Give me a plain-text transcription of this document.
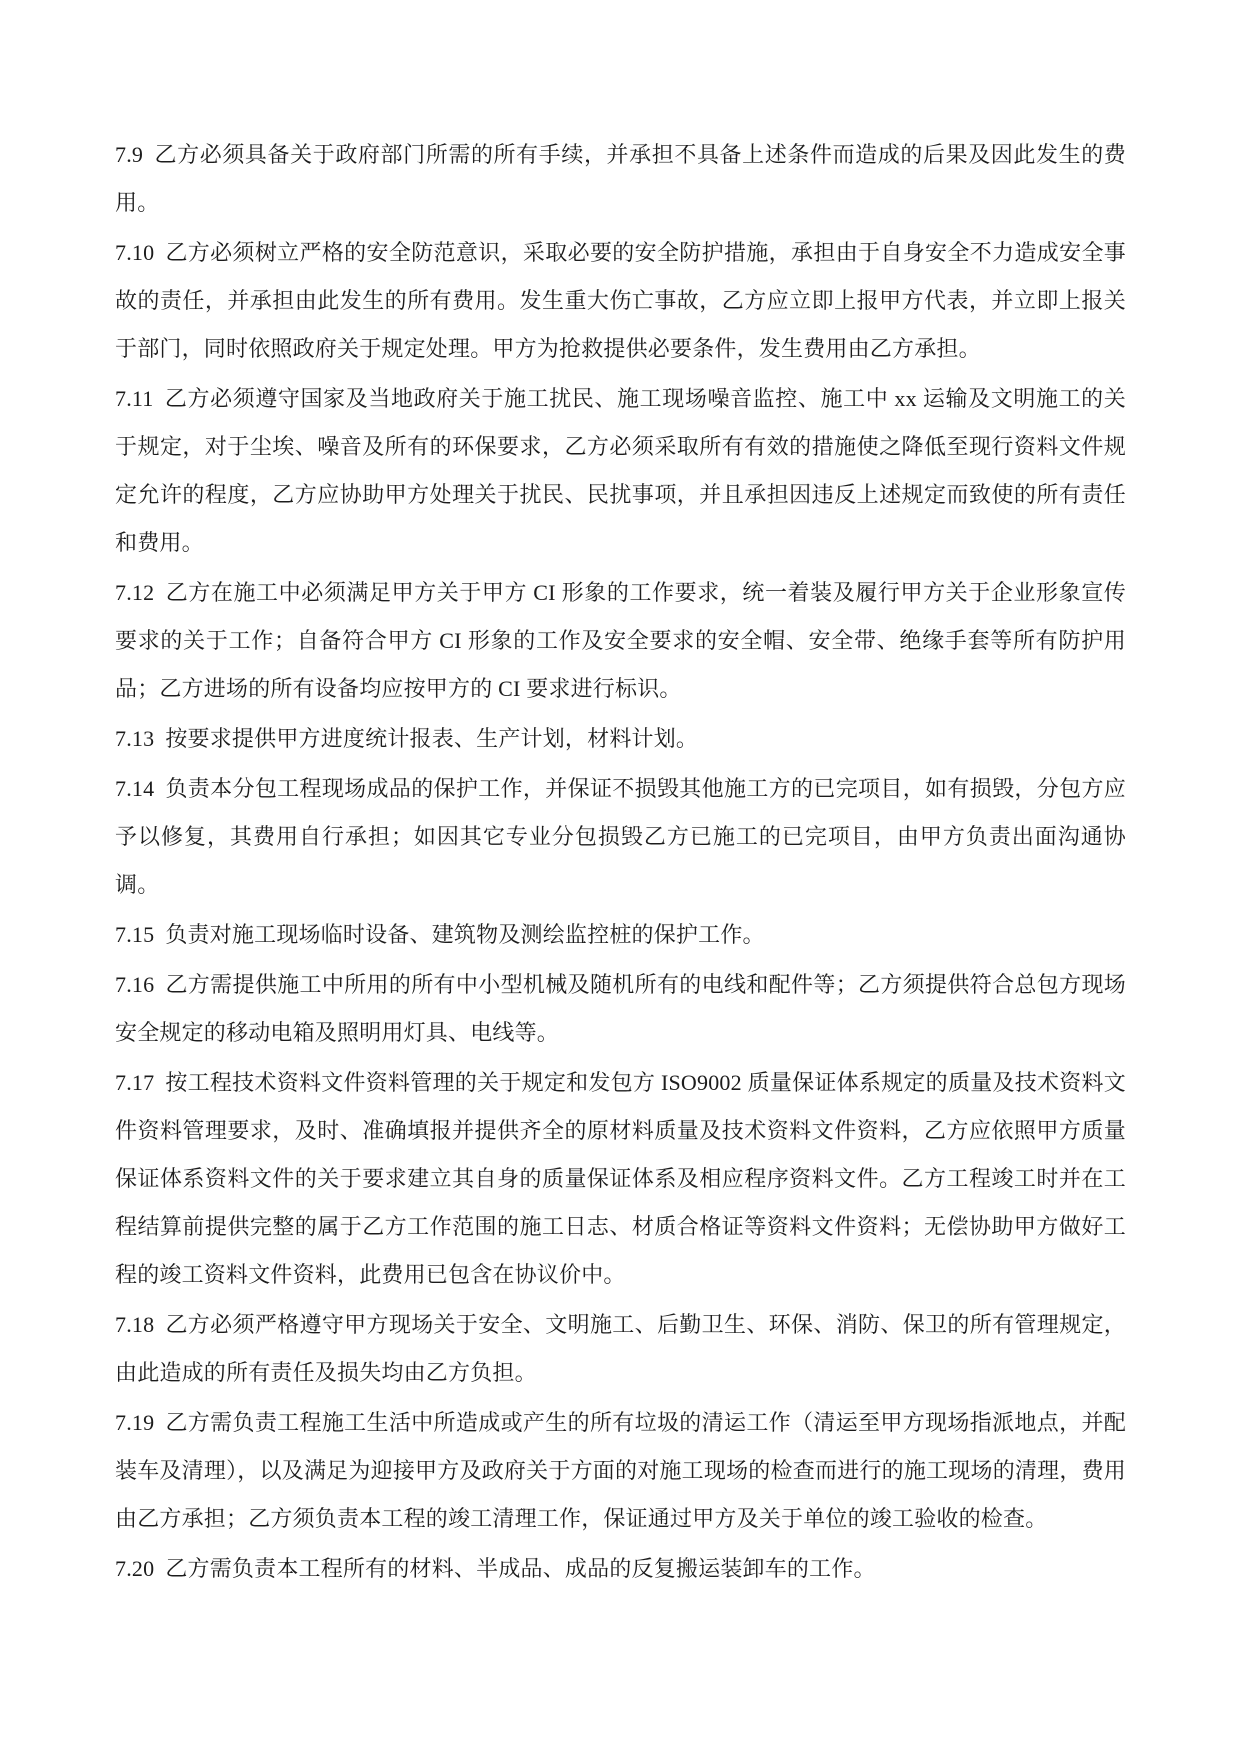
7.9 乙方必须具备关于政府部门所需的所有手续，并承担不具备上述条件而造成的后果及因此发生的费用。

7.10 乙方必须树立严格的安全防范意识，采取必要的安全防护措施，承担由于自身安全不力造成安全事故的责任，并承担由此发生的所有费用。发生重大伤亡事故，乙方应立即上报甲方代表，并立即上报关于部门，同时依照政府关于规定处理。甲方为抢救提供必要条件，发生费用由乙方承担。

7.11 乙方必须遵守国家及当地政府关于施工扰民、施工现场噪音监控、施工中 xx 运输及文明施工的关于规定，对于尘埃、噪音及所有的环保要求，乙方必须采取所有有效的措施使之降低至现行资料文件规定允许的程度，乙方应协助甲方处理关于扰民、民扰事项，并且承担因违反上述规定而致使的所有责任和费用。

7.12 乙方在施工中必须满足甲方关于甲方 CI 形象的工作要求，统一着装及履行甲方关于企业形象宣传要求的关于工作；自备符合甲方 CI 形象的工作及安全要求的安全帽、安全带、绝缘手套等所有防护用品；乙方进场的所有设备均应按甲方的 CI 要求进行标识。

7.13 按要求提供甲方进度统计报表、生产计划，材料计划。

7.14 负责本分包工程现场成品的保护工作，并保证不损毁其他施工方的已完项目，如有损毁，分包方应予以修复，其费用自行承担；如因其它专业分包损毁乙方已施工的已完项目，由甲方负责出面沟通协调。

7.15 负责对施工现场临时设备、建筑物及测绘监控桩的保护工作。

7.16 乙方需提供施工中所用的所有中小型机械及随机所有的电线和配件等；乙方须提供符合总包方现场安全规定的移动电箱及照明用灯具、电线等。

7.17 按工程技术资料文件资料管理的关于规定和发包方 ISO9002 质量保证体系规定的质量及技术资料文件资料管理要求，及时、准确填报并提供齐全的原材料质量及技术资料文件资料，乙方应依照甲方质量保证体系资料文件的关于要求建立其自身的质量保证体系及相应程序资料文件。乙方工程竣工时并在工程结算前提供完整的属于乙方工作范围的施工日志、材质合格证等资料文件资料；无偿协助甲方做好工程的竣工资料文件资料，此费用已包含在协议价中。

7.18 乙方必须严格遵守甲方现场关于安全、文明施工、后勤卫生、环保、消防、保卫的所有管理规定，由此造成的所有责任及损失均由乙方负担。

7.19 乙方需负责工程施工生活中所造成或产生的所有垃圾的清运工作（清运至甲方现场指派地点，并配装车及清理），以及满足为迎接甲方及政府关于方面的对施工现场的检查而进行的施工现场的清理，费用由乙方承担；乙方须负责本工程的竣工清理工作，保证通过甲方及关于单位的竣工验收的检查。

7.20 乙方需负责本工程所有的材料、半成品、成品的反复搬运装卸车的工作。
